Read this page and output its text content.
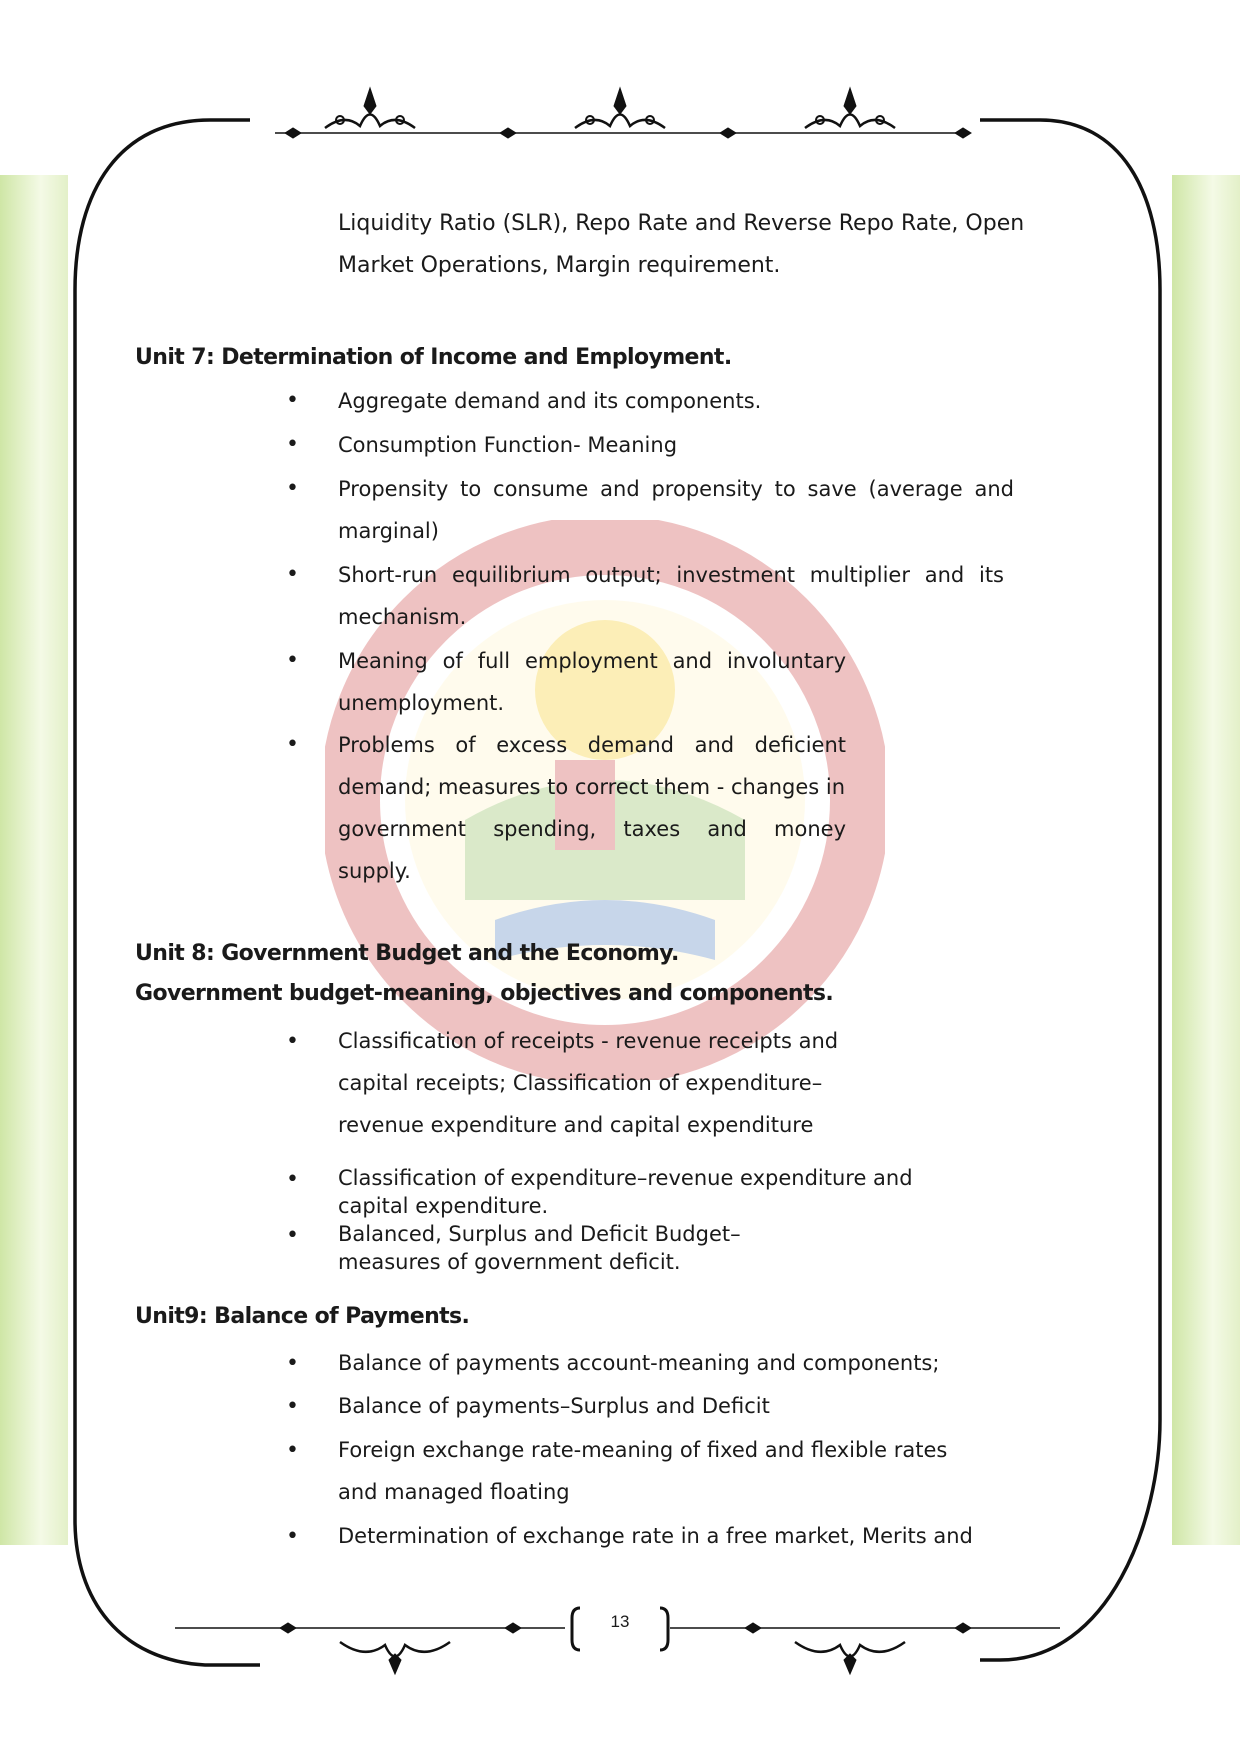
Liquidity Ratio (SLR), Repo Rate and Reverse Repo Rate, Open
Market Operations, Margin requirement.
Unit 7: Determination of Income and Employment.
• Aggregate demand and its components.
• Consumption Function- Meaning
• Propensity to consume and propensity to save (average and
marginal)
• Short-run equilibrium output; investment multiplier and its
mechanism.
• Meaning of full employment and involuntary
unemployment.
• Problems of excess demand and deficient
demand; measures to correct them - changes in
government spending, taxes and money
supply.
Unit 8: Government Budget and the Economy.
Government budget-meaning, objectives and components.
• Classification of receipts - revenue receipts and
capital receipts; Classification of expenditure–
revenue expenditure and capital expenditure
• Classification of expenditure–revenue expenditure and
capital expenditure.
• Balanced, Surplus and Deficit Budget–
measures of government deficit.
Unit9: Balance of Payments.
• Balance of payments account-meaning and components;
• Balance of payments–Surplus and Deficit
• Foreign exchange rate-meaning of fixed and flexible rates
and managed floating
• Determination of exchange rate in a free market, Merits and
13
